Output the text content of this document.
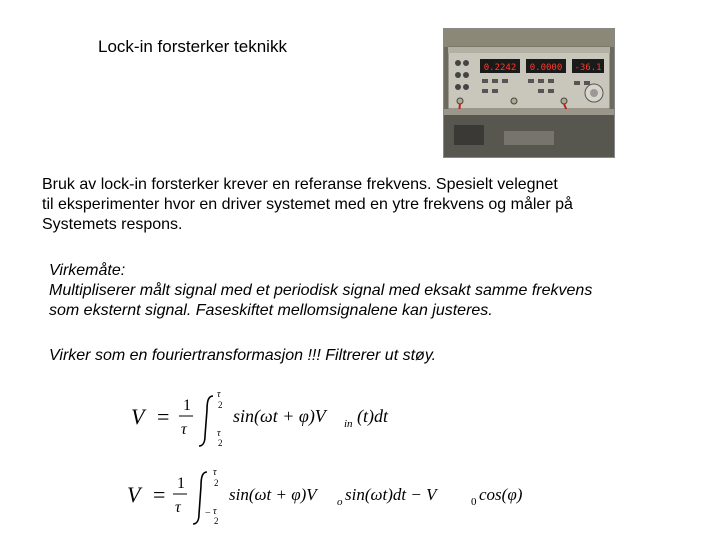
Lock-in forsterker teknikk
0.2242 0.0000 -36.1
Bruk av lock-in forsterker krever en referanse frekvens. Spesielt velegnet
til eksperimenter hvor en driver systemet med en ytre frekvens og måler på
Systemets respons.
Virkemåte:
Multipliserer målt signal med et periodisk signal med eksakt samme frekvens
som eksternt signal. Faseskiftet mellomsignalene kan justeres.
Virker som en fouriertransformasjon !!! Filtrerer ut støy.
V = 1
τ
τ
2
τ
2
sin(ωt + φ)V in (t)dt
V = 1
τ
τ
2
− τ
2
sin(ωt + φ)V o sin(ωt)dt − V	0 cos(φ)
